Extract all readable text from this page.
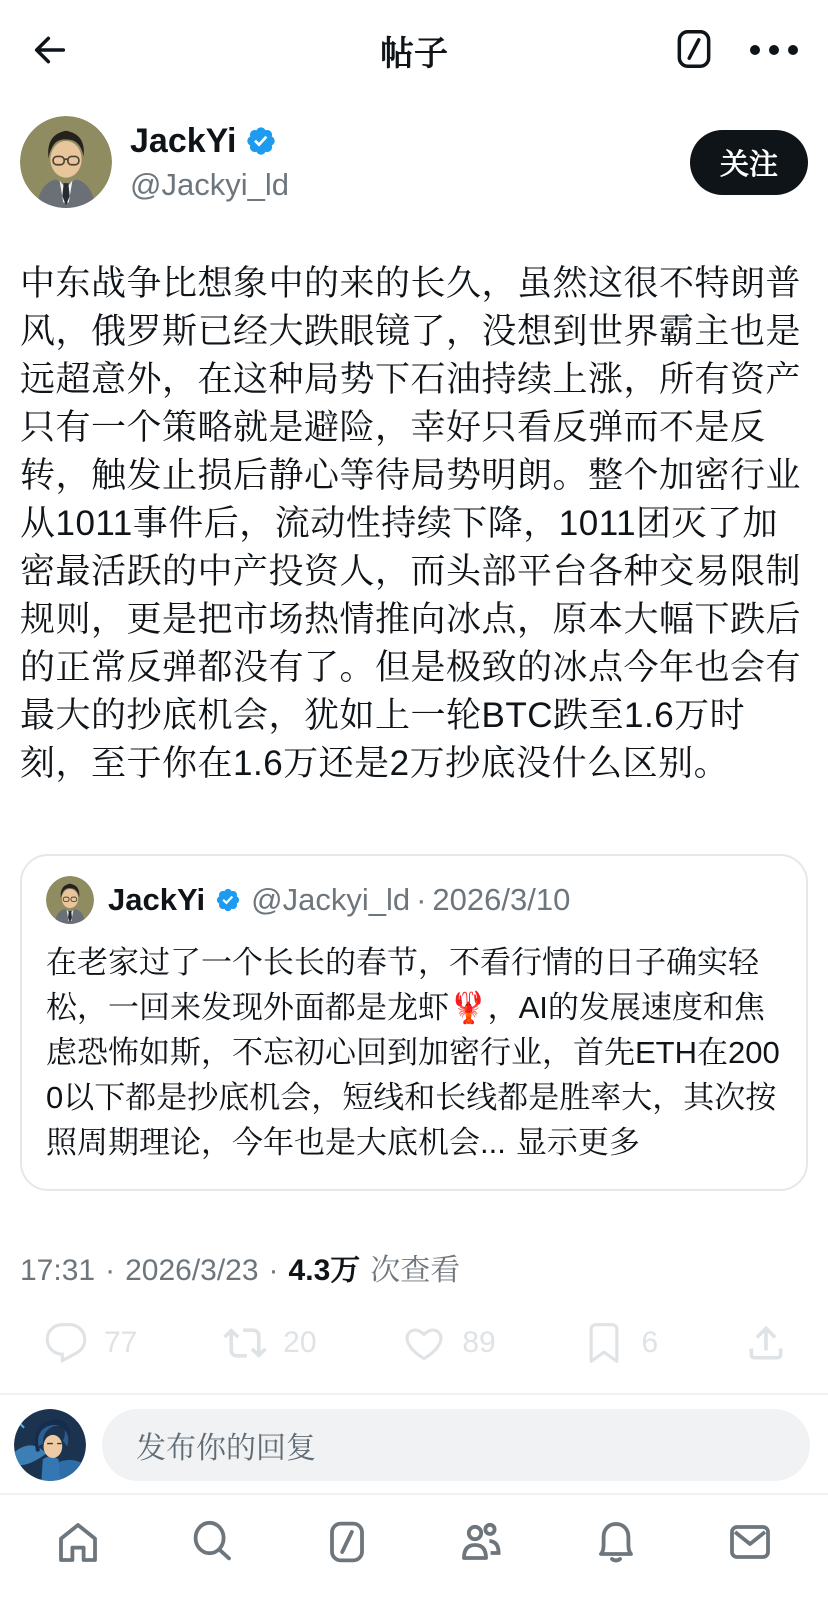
帖子
JackYi
@Jackyi_ld
关注
中东战争比想象中的来的长久，虽然这很不特朗普风，俄罗斯已经大跌眼镜了，没想到世界霸主也是远超意外，在这种局势下石油持续上涨，所有资产只有一个策略就是避险，幸好只看反弹而不是反转，触发止损后静心等待局势明朗。整个加密行业从1011事件后，流动性持续下降，1011团灭了加密最活跃的中产投资人，而头部平台各种交易限制规则，更是把市场热情推向冰点，原本大幅下跌后的正常反弹都没有了。但是极致的冰点今年也会有最大的抄底机会，犹如上一轮BTC跌至1.6万时刻，至于你在1.6万还是2万抄底没什么区别。
JackYi @Jackyi_ld · 2026/3/10
在老家过了一个长长的春节，不看行情的日子确实轻松，一回来发现外面都是龙虾🦞，AI的发展速度和焦虑恐怖如斯，不忘初心回到加密行业，首先ETH在2000以下都是抄底机会，短线和长线都是胜率大，其次按照周期理论，今年也是大底机会... 显示更多
17:31 · 2026/3/23 · 4.3万 次查看
77	20	89	6
发布你的回复
